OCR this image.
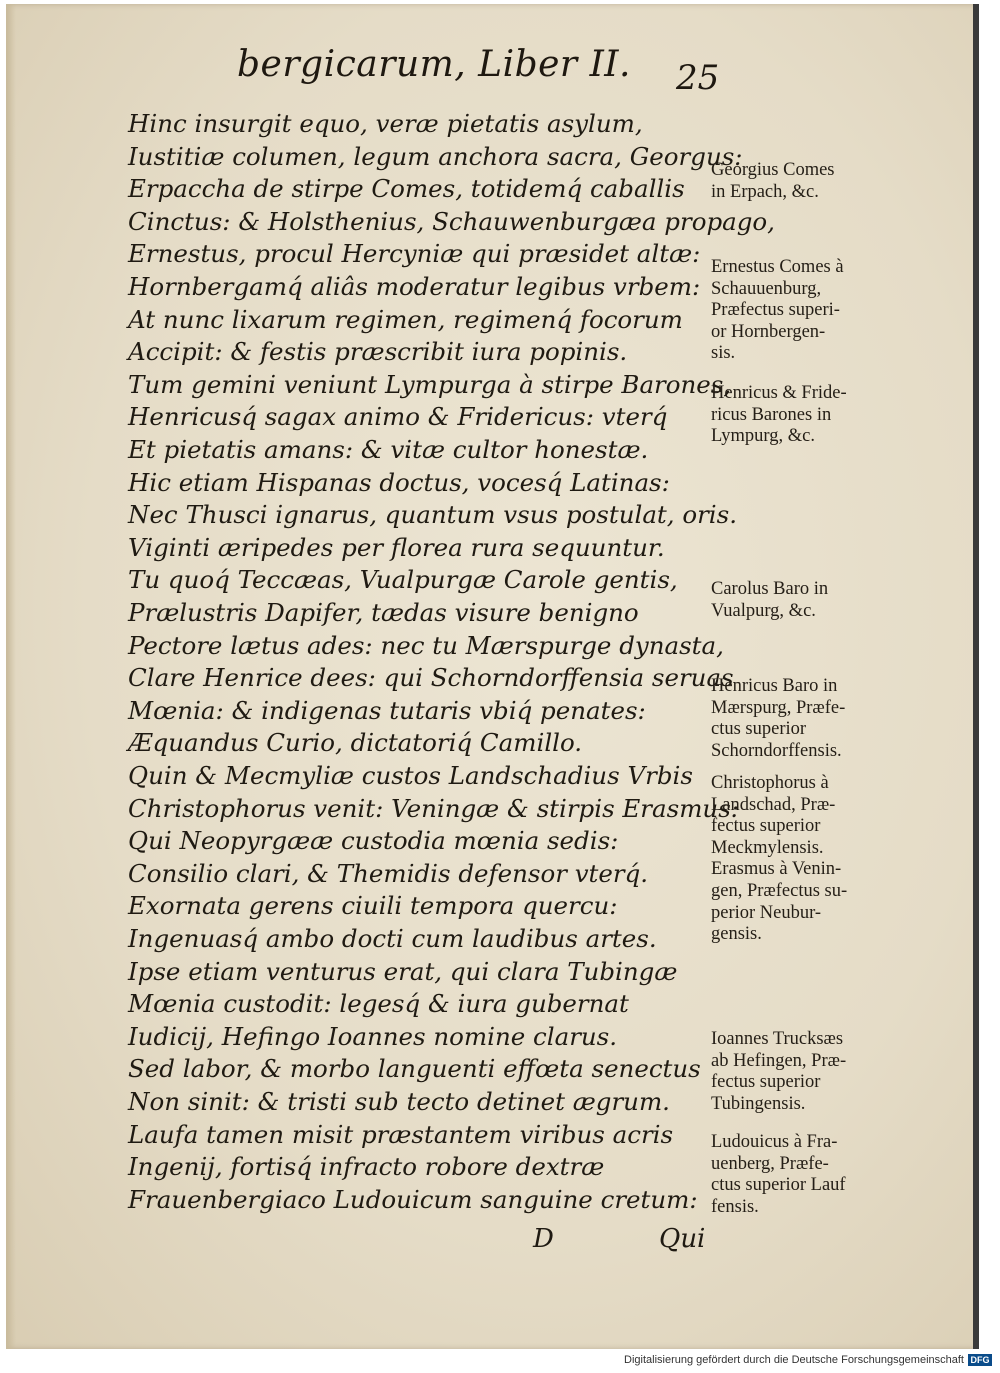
bergicarum, Liber II. 25
Hinc insurgit equo, veræ pietatis asylum,
Iustitiæ columen, legum anchora sacra, Georgus:
Erpaccha de stirpe Comes, totidemq́ caballis
Cinctus: & Holsthenius, Schauwenburgæa propago,
Ernestus, procul Hercyniæ qui præsidet altæ:
Hornbergamq́ aliâs moderatur legibus vrbem:
At nunc lixarum regimen, regimenq́ focorum
Accipit: & festis præscribit iura popinis.
Tum gemini veniunt Lympurga à stirpe Barones,
Henricusq́ sagax animo & Fridericus: vterq́
Et pietatis amans: & vitæ cultor honestæ.
Hic etiam Hispanas doctus, vocesq́ Latinas:
Nec Thusci ignarus, quantum vsus postulat, oris.
Viginti æripedes per florea rura sequuntur.
Tu quoq́ Teccæas, Vualpurgæ Carole gentis,
Prælustris Dapifer, tædas visure benigno
Pectore lætus ades: nec tu Mærspurge dynasta,
Clare Henrice dees: qui Schorndorffensia seruas
Mœnia: & indigenas tutaris vbiq́ penates:
Æquandus Curio, dictatoriq́ Camillo.
Quin & Mecmyliæ custos Landschadius Vrbis
Christophorus venit: Veningæ & stirpis Erasmus:
Qui Neopyrgææ custodia mœnia sedis:
Consilio clari, & Themidis defensor vterq́.
Exornata gerens ciuili tempora quercu:
Ingenuasq́ ambo docti cum laudibus artes.
Ipse etiam venturus erat, qui clara Tubingæ
Mœnia custodit: legesq́ & iura gubernat
Iudicij, Hefingo Ioannes nomine clarus.
Sed labor, & morbo languenti effœta senectus
Non sinit: & tristi sub tecto detinet ægrum.
Laufa tamen misit præstantem viribus acris
Ingenij, fortisq́ infracto robore dextræ
Frauenbergiaco Ludouicum sanguine cretum:
Georgius Comes
in Erpach, &c.
Ernestus Comes à
Schauuenburg,
Præfectus superi-
or Hornbergen-
sis.
Henricus & Fride-
ricus Barones in
Lympurg, &c.
Carolus Baro in
Vualpurg, &c.
Henricus Baro in
Mærspurg, Præfe-
ctus superior
Schorndorffensis.
Christophorus à
Landschad, Præ-
fectus superior
Meckmylensis.
Erasmus à Venin-
gen, Præfectus su-
perior Neubur-
gensis.
Ioannes Trucksæs
ab Hefingen, Præ-
fectus superior
Tubingensis.
Ludouicus à Fra-
uenberg, Præfe-
ctus superior Lauf
fensis.
D	Qui
Digitalisierung gefördert durch die Deutsche Forschungsgemeinschaft DFG
